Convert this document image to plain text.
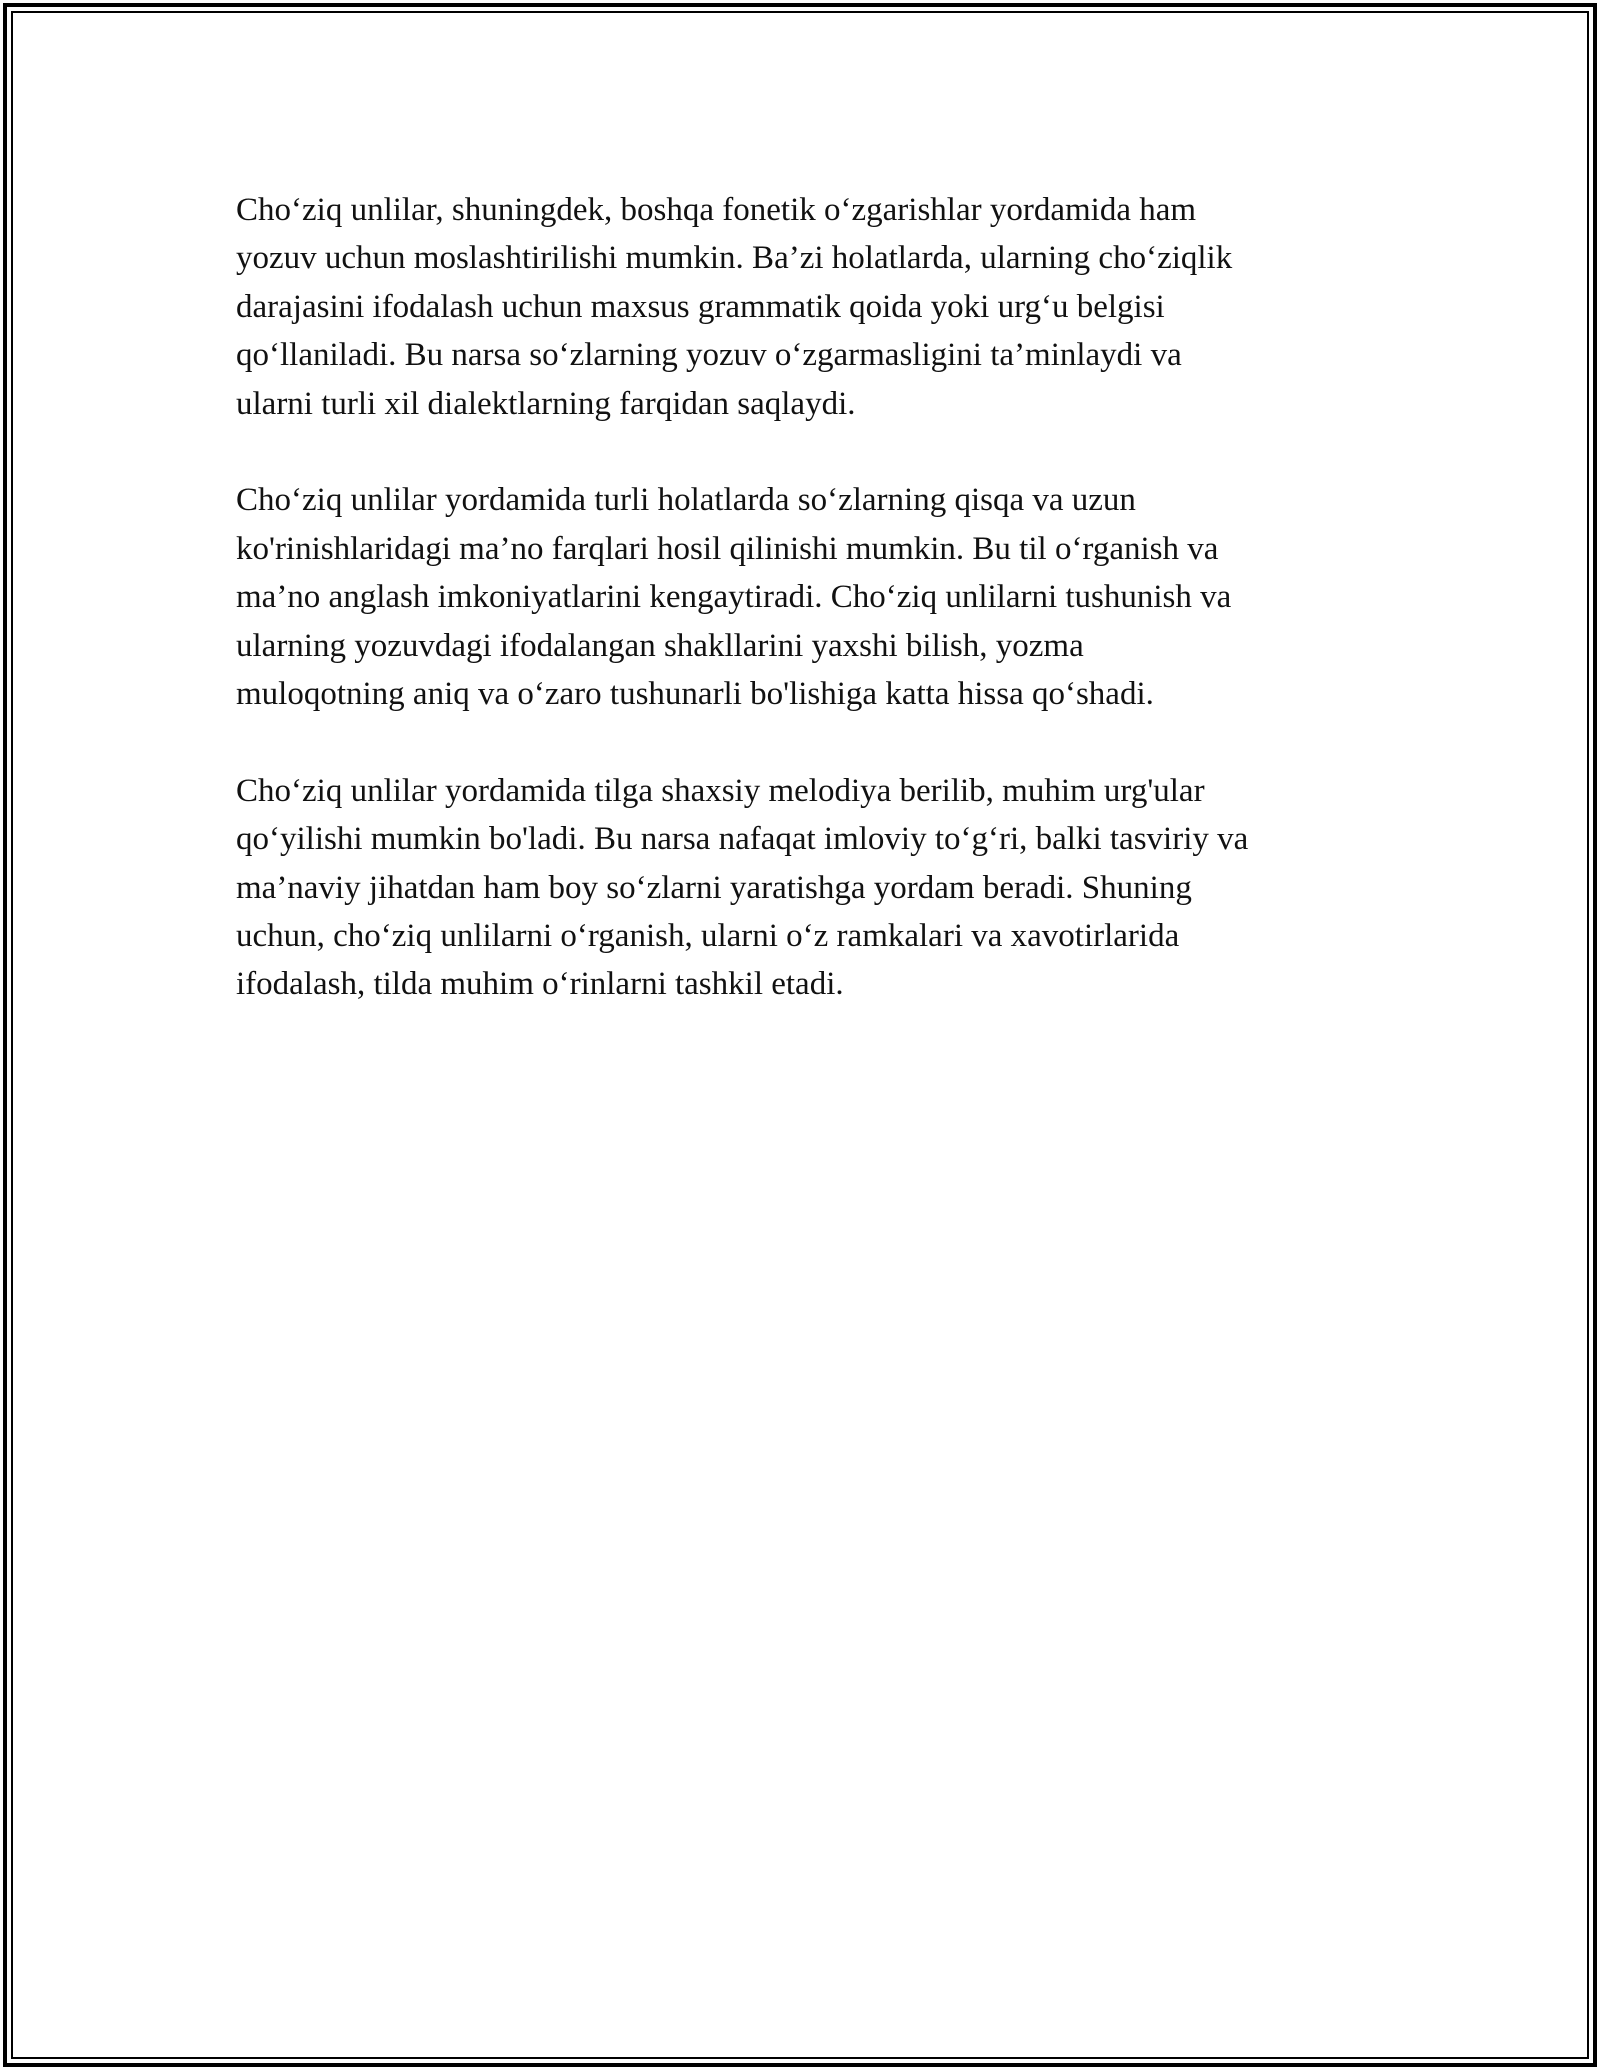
Cho‘ziq unlilar, shuningdek, boshqa fonetik o‘zgarishlar yordamida ham
yozuv uchun moslashtirilishi mumkin. Ba’zi holatlarda, ularning cho‘ziqlik
darajasini ifodalash uchun maxsus grammatik qoida yoki urg‘u belgisi
qo‘llaniladi. Bu narsa so‘zlarning yozuv o‘zgarmasligini ta’minlaydi va
ularni turli xil dialektlarning farqidan saqlaydi.

Cho‘ziq unlilar yordamida turli holatlarda so‘zlarning qisqa va uzun
ko'rinishlaridagi ma’no farqlari hosil qilinishi mumkin. Bu til o‘rganish va
ma’no anglash imkoniyatlarini kengaytiradi. Cho‘ziq unlilarni tushunish va
ularning yozuvdagi ifodalangan shakllarini yaxshi bilish, yozma
muloqotning aniq va o‘zaro tushunarli bo'lishiga katta hissa qo‘shadi.

Cho‘ziq unlilar yordamida tilga shaxsiy melodiya berilib, muhim urg'ular
qo‘yilishi mumkin bo'ladi. Bu narsa nafaqat imloviy to‘g‘ri, balki tasviriy va
ma’naviy jihatdan ham boy so‘zlarni yaratishga yordam beradi. Shuning
uchun, cho‘ziq unlilarni o‘rganish, ularni o‘z ramkalari va xavotirlarida
ifodalash, tilda muhim o‘rinlarni tashkil etadi.
